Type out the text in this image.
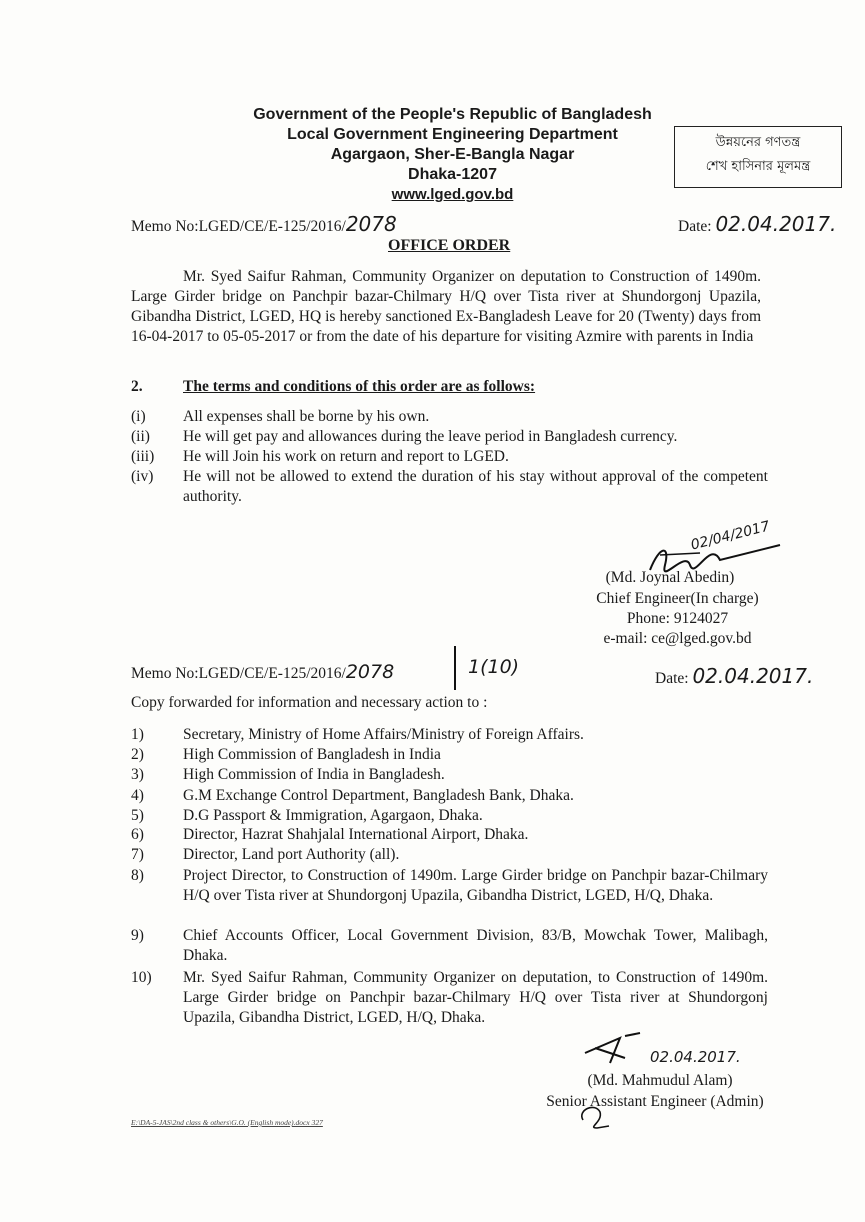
Government of the People's Republic of Bangladesh
Local Government Engineering Department
Agargaon, Sher-E-Bangla Nagar
Dhaka-1207
www.lged.gov.bd
উন্নয়নের গণতন্ত্র
শেখ হাসিনার মূলমন্ত্র
Memo No:LGED/CE/E-125/2016/2078	Date: 02.04.2017.
OFFICE ORDER
Mr. Syed Saifur Rahman, Community Organizer on deputation to Construction of 1490m. Large Girder bridge on Panchpir bazar-Chilmary H/Q over Tista river at Shundorgonj Upazila, Gibandha District, LGED, HQ is hereby sanctioned Ex-Bangladesh Leave for 20 (Twenty) days from 16-04-2017 to 05-05-2017 or from the date of his departure for visiting Azmire with parents in India
2.	The terms and conditions of this order are as follows:
(i) All expenses shall be borne by his own.
(ii) He will get pay and allowances during the leave period in Bangladesh currency.
(iii) He will Join his work on return and report to LGED.
(iv) He will not be allowed to extend the duration of his stay without approval of the competent authority.
02/04/2017
(Md. Joynal Abedin)
Chief Engineer(In charge)
Phone: 9124027
e-mail: ce@lged.gov.bd
Memo No:LGED/CE/E-125/2016/2078	1(10)
Date: 02.04.2017.
Copy forwarded for information and necessary action to :
1)	Secretary, Ministry of Home Affairs/Ministry of Foreign Affairs.
2)	High Commission of Bangladesh in India
3)	High Commission of India in Bangladesh.
4)	G.M Exchange Control Department, Bangladesh Bank, Dhaka.
5)	D.G Passport & Immigration, Agargaon, Dhaka.
6)	Director, Hazrat Shahjalal International Airport, Dhaka.
7)	Director, Land port Authority (all).
8)	Project Director, to Construction of 1490m. Large Girder bridge on Panchpir bazar-Chilmary H/Q over Tista river at Shundorgonj Upazila, Gibandha District, LGED, H/Q, Dhaka.
9)	Chief Accounts Officer, Local Government Division, 83/B, Mowchak Tower, Malibagh, Dhaka.
10) Mr. Syed Saifur Rahman, Community Organizer on deputation, to Construction of 1490m. Large Girder bridge on Panchpir bazar-Chilmary H/Q over Tista river at Shundorgonj Upazila, Gibandha District, LGED, H/Q, Dhaka.
02.04.2017.
(Md. Mahmudul Alam)
Senior Assistant Engineer (Admin)
E:\DA-5-JAS\2nd class & others\G.O. (English mode).docx 327
